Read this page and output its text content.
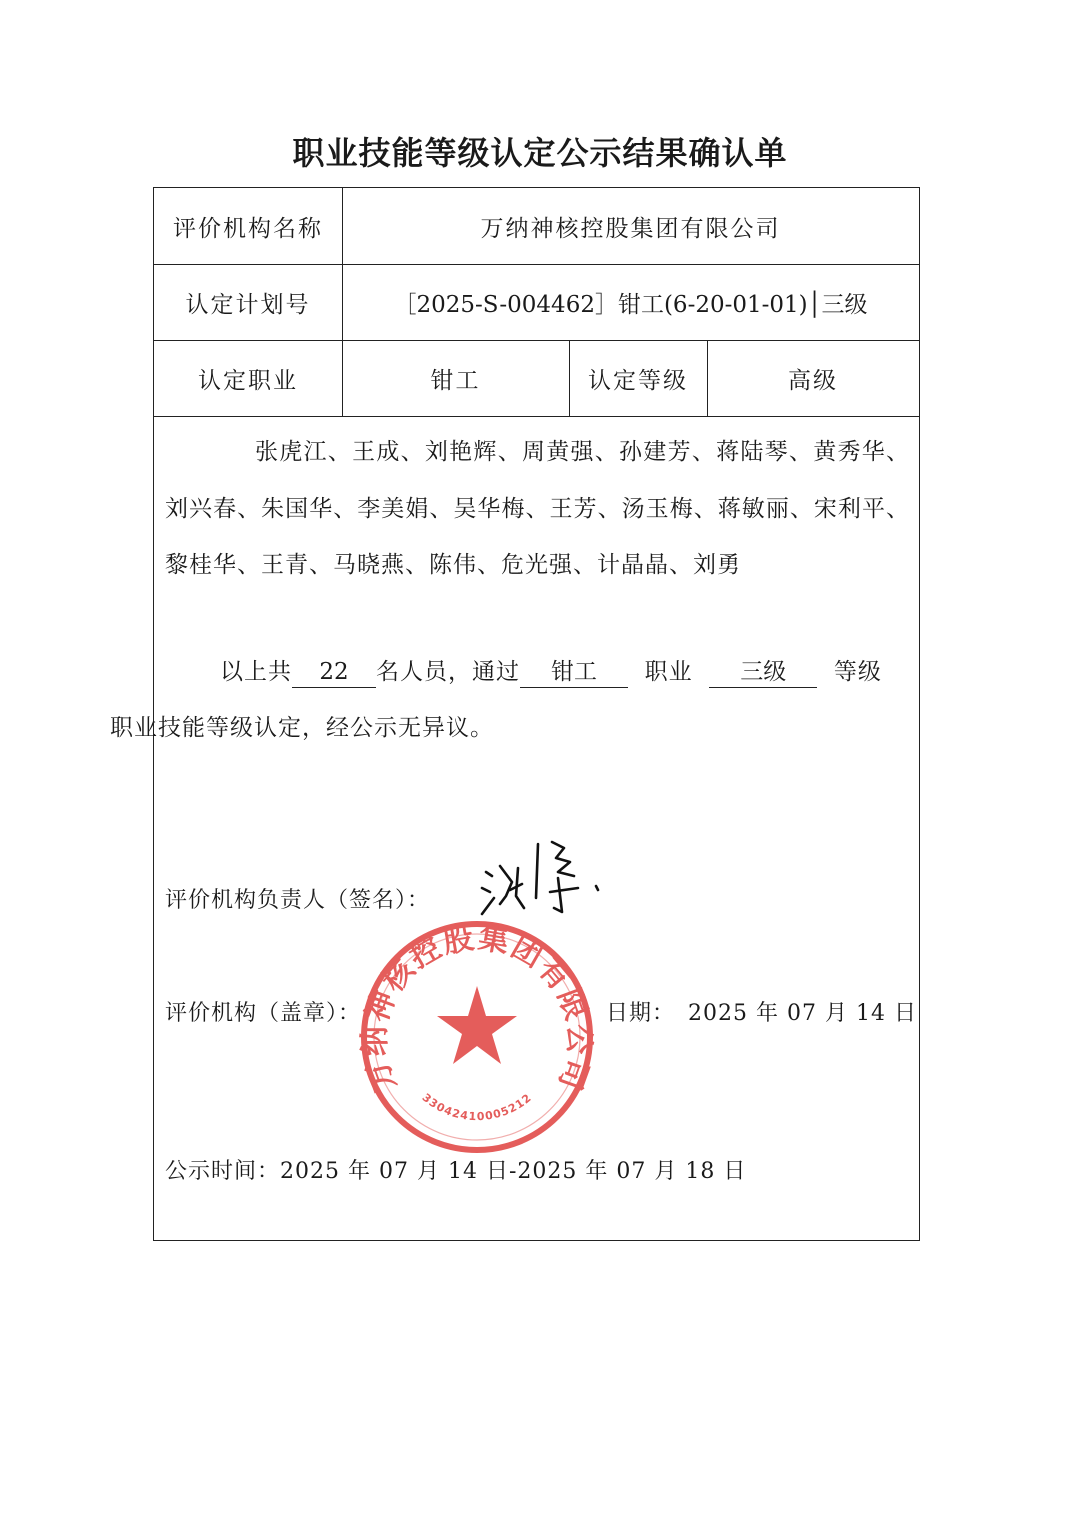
职业技能等级认定公示结果确认单
评价机构名称	万纳神核控股集团有限公司
认定计划号	［2025-S-004462］钳工(6-20-01-01)│三级
认定职业	钳工	认定等级	高级
张虎江、王成、刘艳辉、周黄强、孙建芳、蒋陆琴、黄秀华、刘兴春、朱国华、李美娟、吴华梅、王芳、汤玉梅、蒋敏丽、宋利平、黎桂华、王青、马晓燕、陈伟、危光强、计晶晶、刘勇
以上共 22 名人员，通过 钳工 职业 三级 等级
职业技能等级认定，经公示无异议。
评价机构负责人（签名）：
评价机构（盖章）：	日期： 2025 年 07 月 14 日
公示时间：2025 年 07 月 14 日-2025 年 07 月 18 日
万纳神核控股集团有限公司
33042410005212
